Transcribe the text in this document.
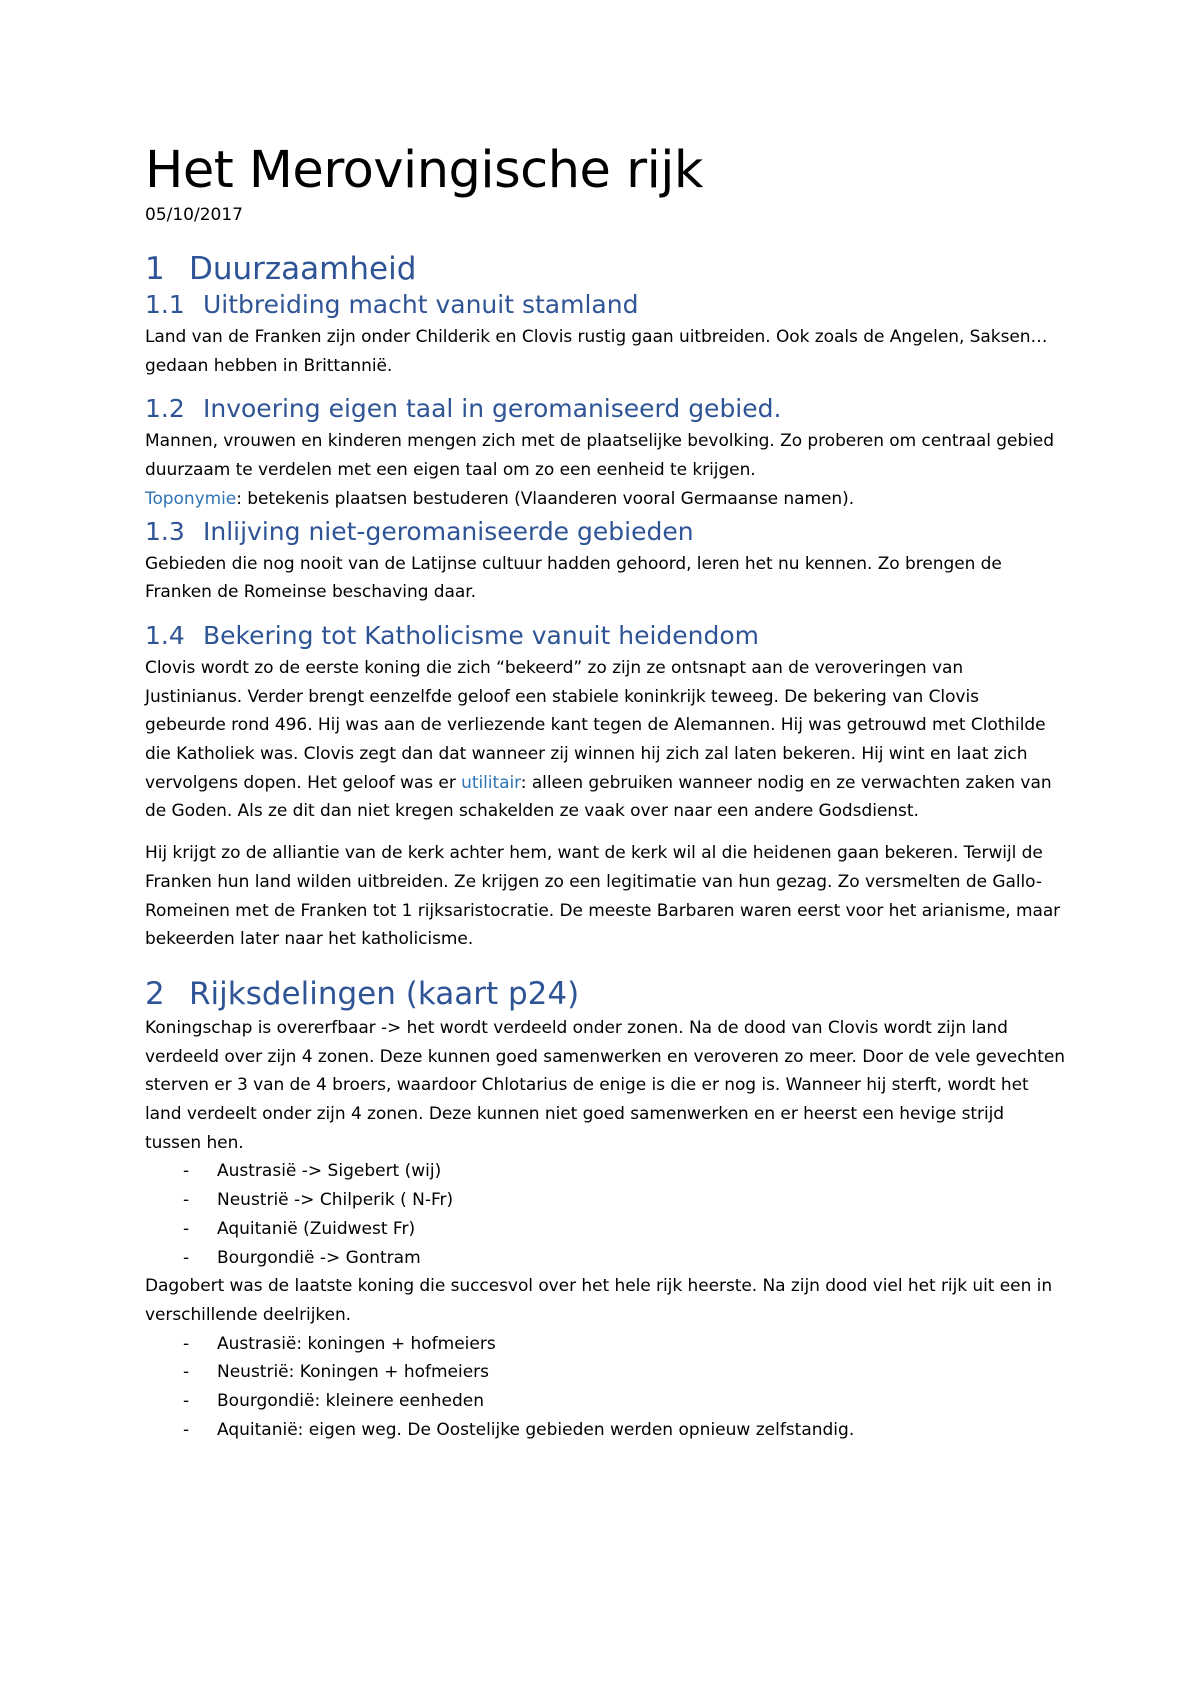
Het Merovingische rijk
05/10/2017
1 Duurzaamheid
1.1 Uitbreiding macht vanuit stamland

Land van de Franken zijn onder Childerik en Clovis rustig gaan uitbreiden. Ook zoals de Angelen, Saksen… gedaan hebben in Brittannië.

1.2 Invoering eigen taal in geromaniseerd gebied.

Mannen, vrouwen en kinderen mengen zich met de plaatselijke bevolking. Zo proberen om centraal gebied duurzaam te verdelen met een eigen taal om zo een eenheid te krijgen.

Toponymie: betekenis plaatsen bestuderen (Vlaanderen vooral Germaanse namen).

1.3 Inlijving niet-geromaniseerde gebieden

Gebieden die nog nooit van de Latijnse cultuur hadden gehoord, leren het nu kennen. Zo brengen de Franken de Romeinse beschaving daar.

1.4 Bekering tot Katholicisme vanuit heidendom

Clovis wordt zo de eerste koning die zich “bekeerd” zo zijn ze ontsnapt aan de veroveringen van Justinianus. Verder brengt eenzelfde geloof een stabiele koninkrijk teweeg. De bekering van Clovis gebeurde rond 496. Hij was aan de verliezende kant tegen de Alemannen. Hij was getrouwd met Clothilde die Katholiek was. Clovis zegt dan dat wanneer zij winnen hij zich zal laten bekeren. Hij wint en laat zich vervolgens dopen. Het geloof was er utilitair: alleen gebruiken wanneer nodig en ze verwachten zaken van de Goden. Als ze dit dan niet kregen schakelden ze vaak over naar een andere Godsdienst.

Hij krijgt zo de alliantie van de kerk achter hem, want de kerk wil al die heidenen gaan bekeren. Terwijl de Franken hun land wilden uitbreiden. Ze krijgen zo een legitimatie van hun gezag. Zo versmelten de Gallo-Romeinen met de Franken tot 1 rijksaristocratie. De meeste Barbaren waren eerst voor het arianisme, maar bekeerden later naar het katholicisme.

2 Rijksdelingen (kaart p24)

Koningschap is overerfbaar -> het wordt verdeeld onder zonen. Na de dood van Clovis wordt zijn land verdeeld over zijn 4 zonen. Deze kunnen goed samenwerken en veroveren zo meer. Door de vele gevechten sterven er 3 van de 4 broers, waardoor Chlotarius de enige is die er nog is. Wanneer hij sterft, wordt het land verdeelt onder zijn 4 zonen. Deze kunnen niet goed samenwerken en er heerst een hevige strijd tussen hen.

- Austrasië -> Sigebert (wij)
- Neustrië -> Chilperik ( N-Fr)
- Aquitanië (Zuidwest Fr)
- Bourgondië -> Gontram

Dagobert was de laatste koning die succesvol over het hele rijk heerste. Na zijn dood viel het rijk uit een in verschillende deelrijken.

- Austrasië: koningen + hofmeiers
- Neustrië: Koningen + hofmeiers
- Bourgondië: kleinere eenheden
- Aquitanië: eigen weg. De Oostelijke gebieden werden opnieuw zelfstandig.
